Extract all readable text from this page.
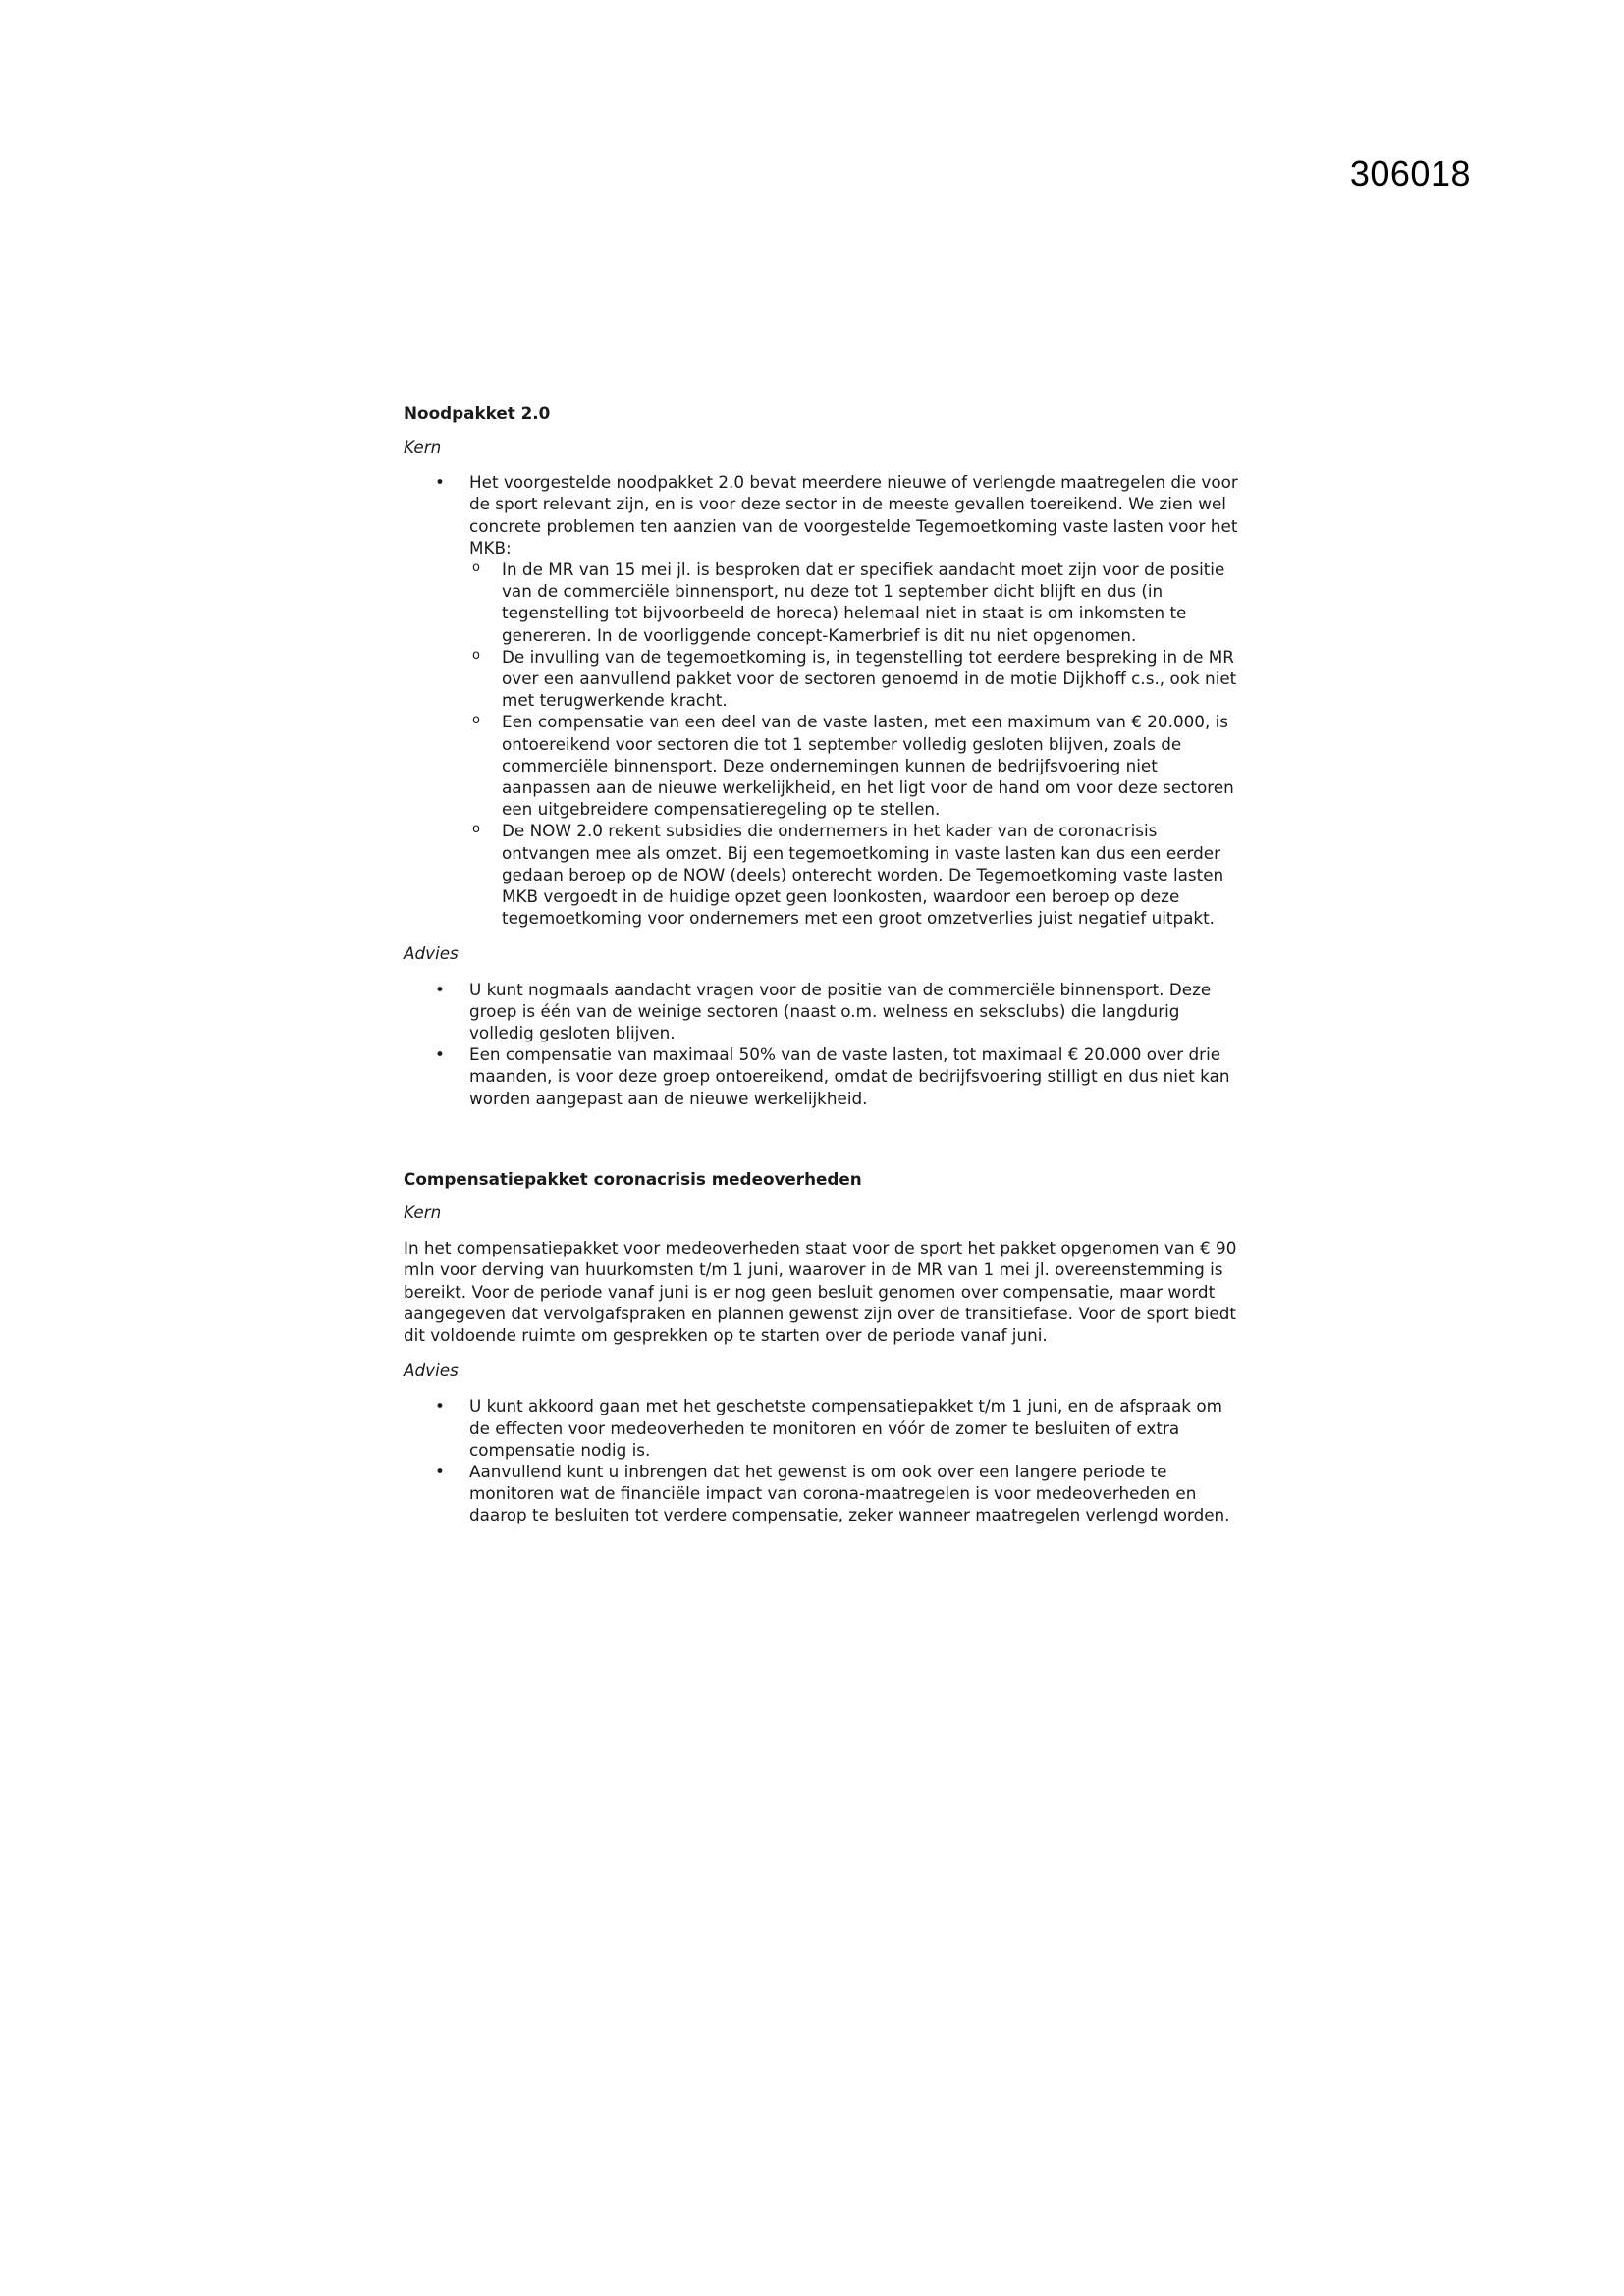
306018
Noodpakket 2.0
Kern
• Het voorgestelde noodpakket 2.0 bevat meerdere nieuwe of verlengde maatregelen die voor de sport relevant zijn, en is voor deze sector in de meeste gevallen toereikend. We zien wel concrete problemen ten aanzien van de voorgestelde Tegemoetkoming vaste lasten voor het MKB:
o In de MR van 15 mei jl. is besproken dat er specifiek aandacht moet zijn voor de positie van de commerciële binnensport, nu deze tot 1 september dicht blijft en dus (in tegenstelling tot bijvoorbeeld de horeca) helemaal niet in staat is om inkomsten te genereren. In de voorliggende concept-Kamerbrief is dit nu niet opgenomen.
o De invulling van de tegemoetkoming is, in tegenstelling tot eerdere bespreking in de MR over een aanvullend pakket voor de sectoren genoemd in de motie Dijkhoff c.s., ook niet met terugwerkende kracht.
o Een compensatie van een deel van de vaste lasten, met een maximum van € 20.000, is ontoereikend voor sectoren die tot 1 september volledig gesloten blijven, zoals de commerciële binnensport. Deze ondernemingen kunnen de bedrijfsvoering niet aanpassen aan de nieuwe werkelijkheid, en het ligt voor de hand om voor deze sectoren een uitgebreidere compensatieregeling op te stellen.
o De NOW 2.0 rekent subsidies die ondernemers in het kader van de coronacrisis ontvangen mee als omzet. Bij een tegemoetkoming in vaste lasten kan dus een eerder gedaan beroep op de NOW (deels) onterecht worden. De Tegemoetkoming vaste lasten MKB vergoedt in de huidige opzet geen loonkosten, waardoor een beroep op deze tegemoetkoming voor ondernemers met een groot omzetverlies juist negatief uitpakt.
Advies
• U kunt nogmaals aandacht vragen voor de positie van de commerciële binnensport. Deze groep is één van de weinige sectoren (naast o.m. welness en seksclubs) die langdurig volledig gesloten blijven.
• Een compensatie van maximaal 50% van de vaste lasten, tot maximaal € 20.000 over drie maanden, is voor deze groep ontoereikend, omdat de bedrijfsvoering stilligt en dus niet kan worden aangepast aan de nieuwe werkelijkheid.
Compensatiepakket coronacrisis medeoverheden
Kern

In het compensatiepakket voor medeoverheden staat voor de sport het pakket opgenomen van € 90 mln voor derving van huurkomsten t/m 1 juni, waarover in de MR van 1 mei jl. overeenstemming is bereikt. Voor de periode vanaf juni is er nog geen besluit genomen over compensatie, maar wordt aangegeven dat vervolgafspraken en plannen gewenst zijn over de transitiefase. Voor de sport biedt dit voldoende ruimte om gesprekken op te starten over de periode vanaf juni.

Advies
• U kunt akkoord gaan met het geschetste compensatiepakket t/m 1 juni, en de afspraak om de effecten voor medeoverheden te monitoren en vóór de zomer te besluiten of extra compensatie nodig is.
• Aanvullend kunt u inbrengen dat het gewenst is om ook over een langere periode te monitoren wat de financiële impact van corona-maatregelen is voor medeoverheden en daarop te besluiten tot verdere compensatie, zeker wanneer maatregelen verlengd worden.
